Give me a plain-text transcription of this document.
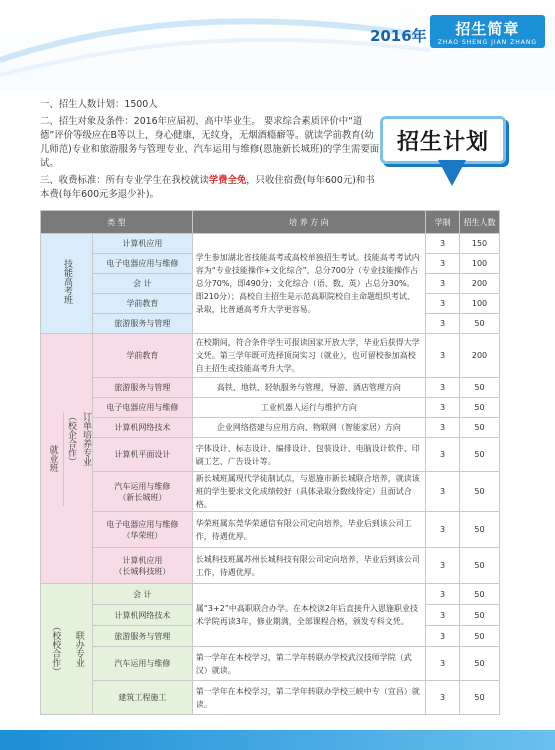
2016年	招生简章
ZHAO SHENG JIAN ZHANG

一、招生人数计划：1500人

二、招生对象及条件：2016年应届初、高中毕业生。 要求综合素质评价中“道德”评价等级应在B等以上，身心健康，无纹身，无烟酒瘾癖等。就读学前教育(幼儿师范)专业和旅游服务与管理专业、汽车运用与维修(恩施新长城班)的学生需要面试。

三、收费标准：所有专业学生在我校就读学费全免，只收住宿费(每年600元)和书本费(每年600元多退少补)。

招生计划
类 型		培 养 方 向	学制	招生人数
技能高考班	计算机应用	学生参加湖北省技能高考或高校单独招生考试。技能高考考试内容为“专业技能操作+文化综合”，总分700分（专业技能操作占总分70%，即490分；文化综合（语、数、英）占总分30%。即210分）；高校自主招生是示范高职院校自主命题组织考试、录取，比普通高考升大学更容易。	3	150
	电子电器应用与维修		3	100
	会 计		3	200
	学前教育		3	100
	旅游服务与管理		3	50

就业班 订单培养专业
（校企合作）	学前教育	在校期间，符合条件学生可报读国家开放大学，毕业后获得大学文凭。第三学年既可选择顶岗实习（就业），也可留校参加高校自主招生或技能高考升大学。	3	200
	旅游服务与管理	高铁、地铁、轻轨服务与管理，导游、酒店管理方向	3	50
	电子电器应用与维修	工业机器人运行与维护方向	3	50
	计算机网络技术	企业网络搭建与应用方向、物联网（智能家居）方向	3	50
	计算机平面设计	字体设计、标志设计、编排设计、包装设计、电脑设计软件、印刷工艺、广告设计等。	3	50

	汽车运用与维修
（新长城班）	新长城班属现代学徒制试点，与恩施市新长城联合培养，就读该班的学生要求文化成绩较好（具体录取分数线待定）且面试合格。	3	50

	电子电器应用与维修
（华荣班）	华荣班属东莞华荣通信有限公司定向培养，毕业后到该公司工作，待遇优厚。	3	50

	计算机应用
（长城科技班）	长城科技班属苏州长城科技有限公司定向培养，毕业后到该公司工作，待遇优厚。	3	50

联办专业
（校校合作）	会 计	属“3+2”中高职联合办学。在本校读2年后直接升入恩施职业技术学院再读3年，修业期满，全部课程合格，颁发专科文凭。	3	50
	计算机网络技术		3	50
	旅游服务与管理		3	50
	汽车运用与维修	第一学年在本校学习，第二学年转联办学校武汉技师学院（武汉）就读。	3	50
	建筑工程施工	第一学年在本校学习，第二学年转联办学校三峡中专（宜昌）就读。	3	50
